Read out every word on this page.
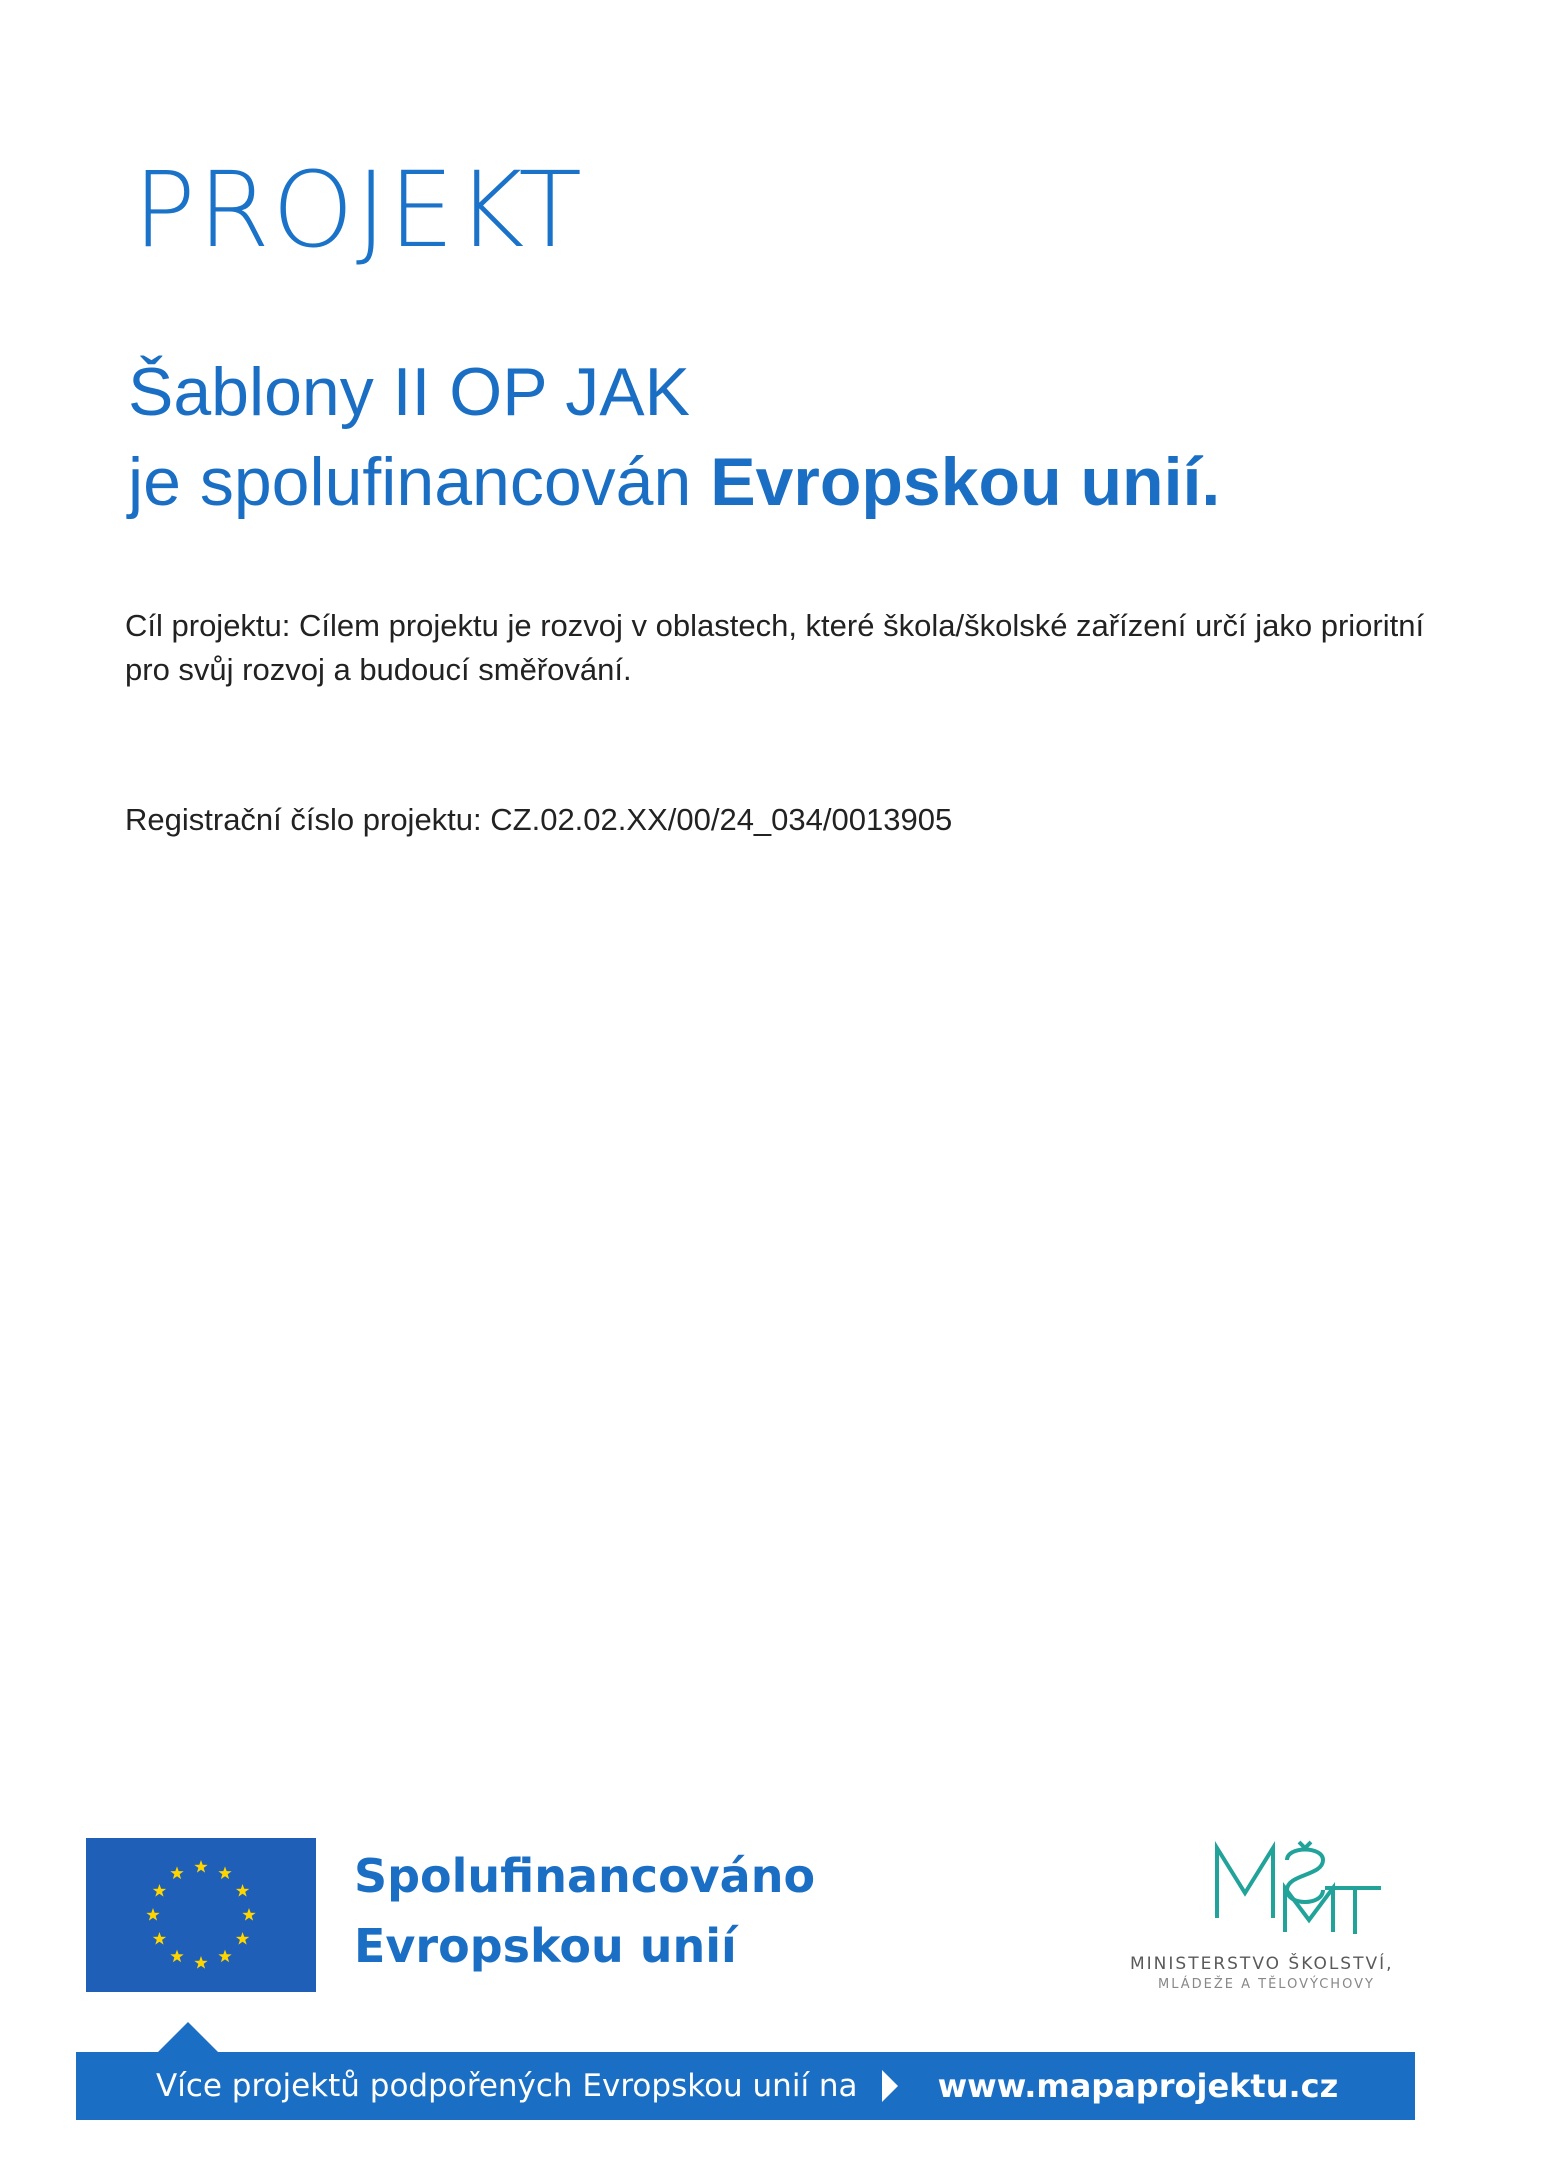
PROJEKT

Šablony II OP JAK

je spolufinancován Evropskou unií.

Cíl projektu: Cílem projektu je rozvoj v oblastech, které škola/školské zařízení určí jako prioritní pro svůj rozvoj a budoucí směřování.

Registrační číslo projektu: CZ.02.02.XX/00/24_034/0013905

Spolufinancováno

Evropskou unií	MINISTERSTVO ŠKOLSTVÍ,

MLÁDEŽE A TĚLOVÝCHOVY

Více projektů podpořených Evropskou unií na	www.mapaprojektu.cz
